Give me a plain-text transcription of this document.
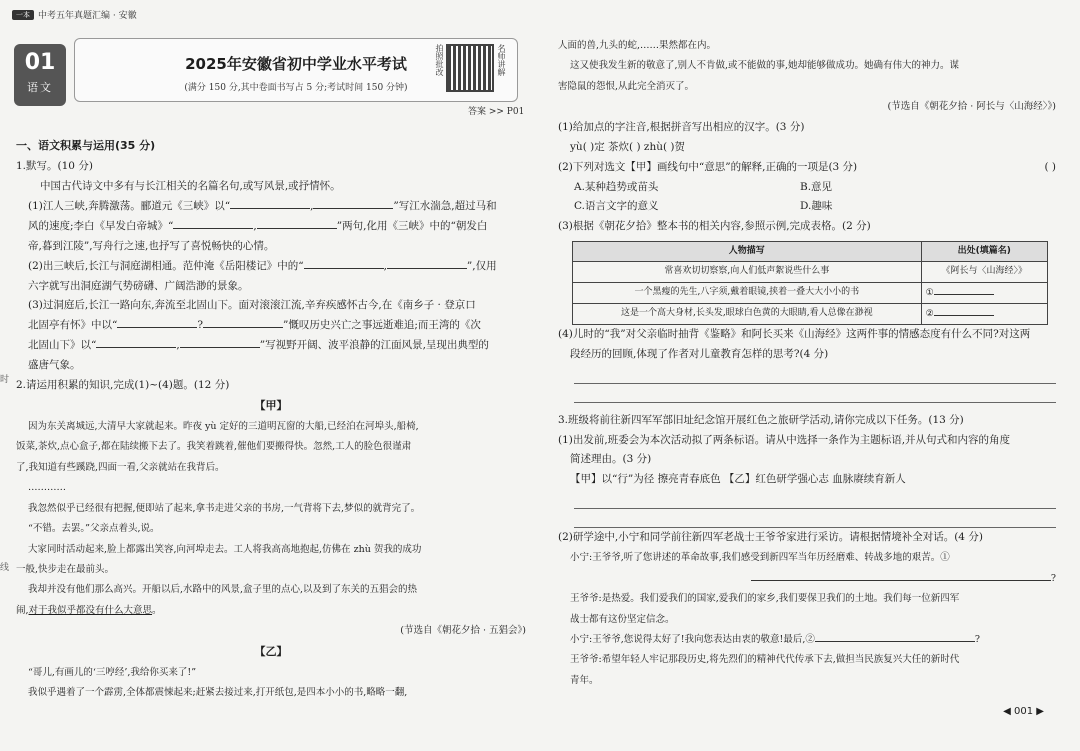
一本 中考五年真题汇编 · 安徽
01
语文
2025年安徽省初中学业水平考试
(满分 150 分,其中卷面书写占 5 分;考试时间 150 分钟)
拍照批改	名师讲解
答案 >> P01
时
线

一、语文积累与运用(35 分)

1.默写。(10 分)

中国古代诗文中多有与长江相关的名篇名句,或写风景,或抒情怀。

(1)江人三峡,奔腾激荡。郦道元《三峡》以“	,	”写江水湍急,超过马和

风的速度;李白《早发白帝城》“	,	”两句,化用《三峡》中的“朝发白

帝,暮到江陵”,写舟行之速,也抒写了喜悦畅快的心情。

(2)出三峡后,长江与洞庭湖相通。范仲淹《岳阳楼记》中的“	,	”,仅用

六字就写出洞庭湖气势磅礴、广阔浩渺的景象。

(3)过洞庭后,长江一路向东,奔流至北固山下。面对滚滚江流,辛弃疾感怀古今,在《南乡子 · 登京口

北固亭有怀》中以“	?	”慨叹历史兴亡之事远逝难追;而王湾的《次

北固山下》以“	,	”写视野开阔、波平浪静的江面风景,呈现出典型的

盛唐气象。

2.请运用积累的知识,完成(1)~(4)题。(12 分)

【甲】

因为东关离城远,大清早大家就起来。昨夜 yù 定好的三道明瓦窗的大船,已经泊在河埠头,船椅,

饭菜,茶炊,点心盒子,都在陆续搬下去了。我笑着跳着,催他们要搬得快。忽然,工人的脸色很谨肃

了,我知道有些蹊跷,四面一看,父亲就站在我背后。

…………

我忽然似乎已经很有把握,便即站了起来,拿书走进父亲的书房,一气背将下去,梦似的就背完了。

“不错。去罢。”父亲点着头,说。

大家同时活动起来,脸上都露出笑容,向河埠走去。工人将我高高地抱起,仿佛在 zhù 贺我的成功

一般,快步走在最前头。

我却并没有他们那么高兴。开船以后,水路中的风景,盒子里的点心,以及到了东关的五猖会的热

闹,对于我似乎都没有什么大意思。

(节选自《朝花夕拾 · 五猖会》)

【乙】

“哥儿,有画儿的‘三哼经’,我给你买来了!”

我似乎遇着了一个霹雳,全体都震悚起来;赶紧去接过来,打开纸包,是四本小小的书,略略一翻,

人面的兽,九头的蛇,……果然都在内。

这又使我发生新的敬意了,别人不肯做,或不能做的事,她却能够做成功。她确有伟大的神力。谋

害隐鼠的怨恨,从此完全消灭了。

(节选自《朝花夕拾 · 阿长与〈山海经〉》)

(1)给加点的字注音,根据拼音写出相应的汉字。(3 分)

yù( )定 茶炊( ) zhù( )贺

(2)下列对选文【甲】画线句中“意思”的解释,正确的一项是(3 分)	( )

A.某种趋势或苗头	B.意见
C.语言文字的意义	D.趣味

(3)根据《朝花夕拾》整本书的相关内容,参照示例,完成表格。(2 分)

人物描写	出处(填篇名)
常喜欢切切察察,向人们低声絮说些什么事	《阿长与〈山海经〉》
一个黑瘦的先生,八字须,戴着眼镜,挟着一叠大大小小的书	①
这是一个高大身材,长头发,眼球白色黄的大眼睛,看人总像在渺视	②

(4)儿时的“我”对父亲临时抽背《鉴略》和阿长买来《山海经》这两件事的情感态度有什么不同?对这两

段经历的回顾,体现了作者对儿童教育怎样的思考?(4 分)

3.班级将前往新四军军部旧址纪念馆开展红色之旅研学活动,请你完成以下任务。(13 分)

(1)出发前,班委会为本次活动拟了两条标语。请从中选择一条作为主题标语,并从句式和内容的角度

简述理由。(3 分)

【甲】以“行”为径 擦亮青春底色 【乙】红色研学强心志 血脉赓续育新人

(2)研学途中,小宁和同学前往新四军老战士王爷爷家进行采访。请根据情境补全对话。(4 分)

小宁:王爷爷,听了您讲述的革命故事,我们感受到新四军当年历经磨难、转战多地的艰苦。①

?

王爷爷:是热爱。我们爱我们的国家,爱我们的家乡,我们要保卫我们的土地。我们每一位新四军

战士都有这份坚定信念。

小宁:王爷爷,您说得太好了!我向您表达由衷的敬意!最后,②	?

王爷爷:希望年轻人牢记那段历史,将先烈们的精神代代传承下去,做担当民族复兴大任的新时代

青年。

◀ 001 ▶
